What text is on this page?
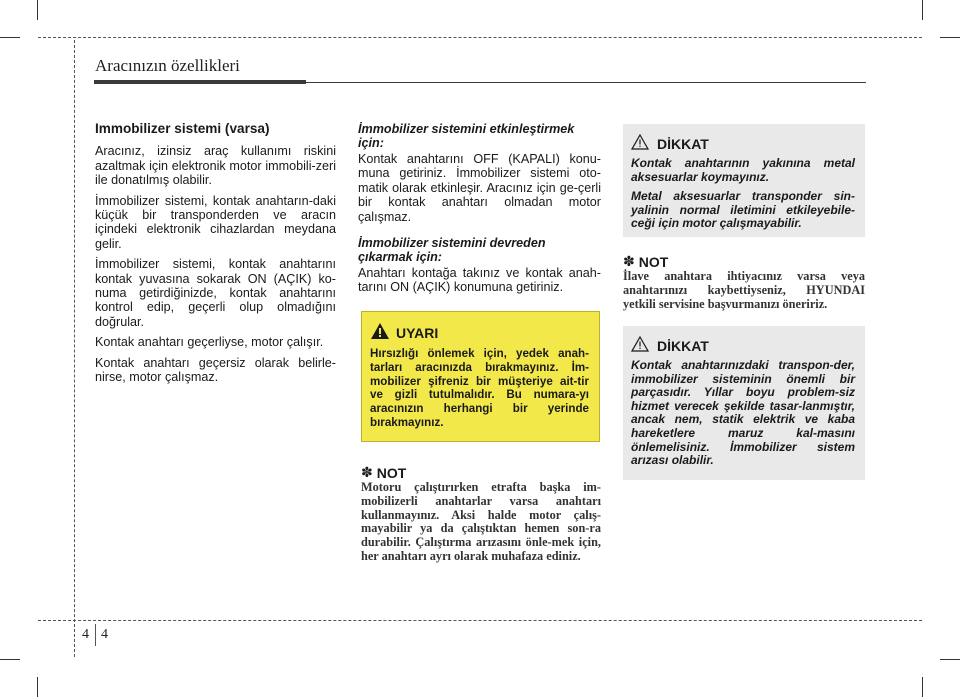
Aracınızın özellikleri
Immobilizer sistemi (varsa)

Aracınız, izinsiz araç kullanımı riskini azaltmak için elektronik motor immobili-zeri ile donatılmış olabilir.

İmmobilizer sistemi, kontak anahtarın-daki küçük bir transponderden ve aracın içindeki elektronik cihazlardan meydana gelir.

İmmobilizer sistemi, kontak anahtarını kontak yuvasına sokarak ON (AÇIK) ko-numa getirdiğinizde, kontak anahtarını kontrol edip, geçerli olup olmadığını doğrular.

Kontak anahtarı geçerliyse, motor çalışır.

Kontak anahtarı geçersiz olarak belirle-nirse, motor çalışmaz.

İmmobilizer sistemini etkinleştirmek için:

Kontak anahtarını OFF (KAPALI) konu-muna getiriniz. İmmobilizer sistemi oto-matik olarak etkinleşir. Aracınız için ge-çerli bir kontak anahtarı olmadan motor çalışmaz.

İmmobilizer sistemini devreden çıkarmak için:

Anahtarı kontağa takınız ve kontak anah-tarını ON (AÇIK) konumuna getiriniz.

UYARI
Hırsızlığı önlemek için, yedek anah-tarları aracınızda bırakmayınız. İm-mobilizer şifreniz bir müşteriye ait-tir ve gizli tutulmalıdır. Bu numara-yı aracınızın herhangi bir yerinde bırakmayınız.
✽ NOT
Motoru çalıştırırken etrafta başka im-mobilizerli anahtarlar varsa anahtarı kullanmayınız. Aksi halde motor çalış-mayabilir ya da çalıştıktan hemen son-ra durabilir. Çalıştırma arızasını önle-mek için, her anahtarı ayrı olarak muhafaza ediniz.
DİKKAT

Kontak anahtarının yakınına metal aksesuarlar koymayınız.

Metal aksesuarlar transponder sin-yalinin normal iletimini etkileyebile-ceği için motor çalışmayabilir.

✽ NOT
İlave anahtara ihtiyacınız varsa veya anahtarınızı kaybettiyseniz, HYUNDAI yetkili servisine başvurmanızı öneririz.
DİKKAT
Kontak anahtarınızdaki transpon-der, immobilizer sisteminin önemli bir parçasıdır. Yıllar boyu problem-siz hizmet verecek şekilde tasar-lanmıştır, ancak nem, statik elektrik ve kaba hareketlere maruz kal-masını önlemelisiniz. İmmobilizer sistem arızası olabilir.
4 4
